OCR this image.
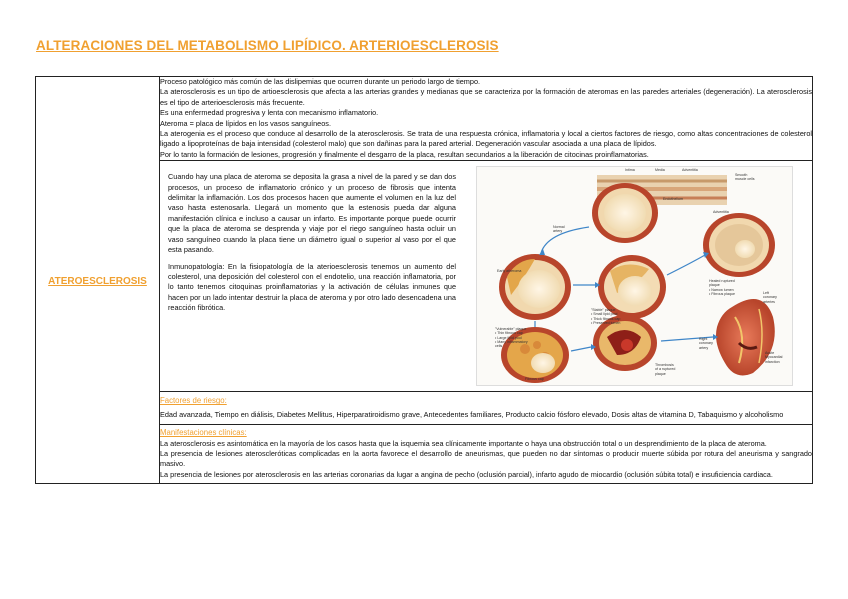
ALTERACIONES DEL METABOLISMO LIPÍDICO. ARTERIOESCLEROSIS
ATEROESCLEROSIS	
Proceso patológico más común de las dislipemias que ocurren durante un periodo largo de tiempo.
La aterosclerosis es un tipo de artioesclerosis que afecta a las arterias grandes y medianas que se caracteriza por la formación de ateromas en las paredes arteriales (degeneración). La aterosclerosis es el tipo de arterioesclerosis más frecuente.
Es una enfermedad progresiva y lenta con mecanismo inflamatorio.
Ateroma = placa de lípidos en los vasos sanguíneos.
La aterogenia es el proceso que conduce al desarrollo de la aterosclerosis. Se trata de una respuesta crónica, inflamatoria y local a ciertos factores de riesgo, como altas concentraciones de colesterol ligado a lipoproteínas de baja intensidad (colesterol malo) que son dañinas para la pared arterial. Degeneración vascular asociada a una placa de lípidos.
Por lo tanto la formación de lesiones, progresión y finalmente el desgarro de la placa, resultan secundarios a la liberación de citocinas proinflamatorias.

Cuando hay una placa de ateroma se deposita la grasa a nivel de la pared y se dan dos procesos, un proceso de inflamatorio crónico y un proceso de fibrosis que intenta delimitar la inflamación. Los dos procesos hacen que aumente el volumen en la luz del vaso hasta estenosarla. Llegará un momento que la estenosis pueda dar alguna manifestación clínica e incluso a causar un infarto. Es importante porque puede ocurrir que la placa de ateroma se desprenda y viaje por el riego sanguíneo hasta ocluir un vaso sanguíneo cuando la placa tiene un diámetro igual o superior al vaso por el que esta pasando.

Inmunopatología: En la fisiopatología de la aterioesclerosis tenemos un aumento del colesterol, una deposición del colesterol con el endotelio, una reacción inflamatoria, por lo tanto tenemos citoquinas proinflamatorias y la activación de células inmunes que hacen por un lado intentar destruir la placa de ateroma y por otro lado desencadena una reacción fibrótica.

Intima	Media	Adventitia
Smooth
muscle cells
Endothelium
Adventitia
Normal
artery
Early atheroma
"Stable" plaque
• Small lipid pool
• Thick fibrous cap
• Preserved lumen
Healed ruptured
plaque
• Narrow lumen
• Fibrous plaque
"Vulnerable" plaque
• Thin fibrous cap
• Large lipid pool
• Many inflammatory
cells
Thrombosis
of a ruptured
plaque
Fibrous cap
Left
coronary
arteries
Right
coronary
artery
Acute
Myocardial
infarction

Factores de riesgo:
Edad avanzada, Tiempo en diálisis, Diabetes Mellitus, Hiperparatiroidismo grave, Antecedentes familiares, Producto calcio fósforo elevado, Dosis altas de vitamina D, Tabaquismo y alcoholismo

Manifestaciones clínicas:
La aterosclerosis es asintomática en la mayoría de los casos hasta que la isquemia sea clínicamente importante o haya una obstrucción total o un desprendimiento de la placa de ateroma.
La presencia de lesiones ateroscleróticas complicadas en la aorta favorece el desarrollo de aneurismas, que pueden no dar síntomas o producir muerte súbida por rotura del aneurisma y sangrado masivo.
La presencia de lesiones por aterosclerosis en las arterias coronarias da lugar a angina de pecho (oclusión parcial), infarto agudo de miocardio (oclusión súbita total) e insuficiencia cardiaca.
